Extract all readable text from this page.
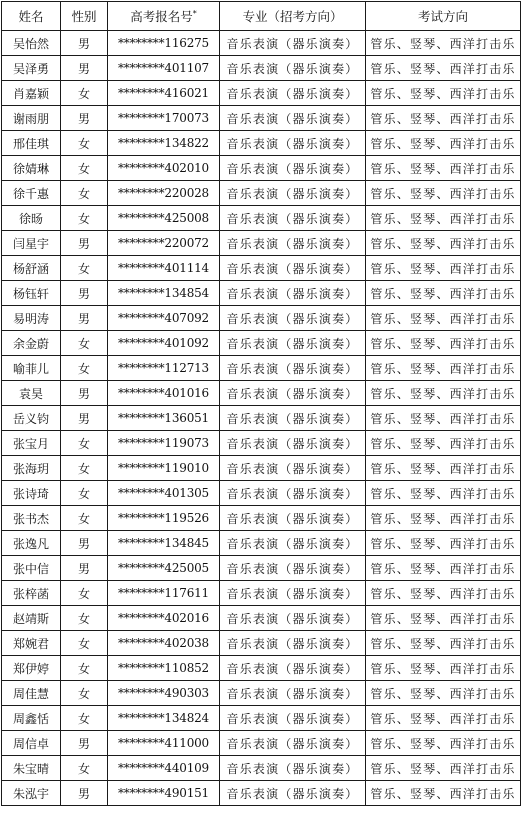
姓名	性别	高考报名号*	专业（招考方向）	考试方向
吴怡然	男	********116275	音乐表演（器乐演奏）	管乐、竖琴、西洋打击乐
吴泽勇	男	********401107	音乐表演（器乐演奏）	管乐、竖琴、西洋打击乐
肖嘉颖	女	********416021	音乐表演（器乐演奏）	管乐、竖琴、西洋打击乐
谢雨朋	男	********170073	音乐表演（器乐演奏）	管乐、竖琴、西洋打击乐
邢佳琪	女	********134822	音乐表演（器乐演奏）	管乐、竖琴、西洋打击乐
徐婧琳	女	********402010	音乐表演（器乐演奏）	管乐、竖琴、西洋打击乐
徐千惠	女	********220028	音乐表演（器乐演奏）	管乐、竖琴、西洋打击乐
徐旸	女	********425008	音乐表演（器乐演奏）	管乐、竖琴、西洋打击乐
闫星宇	男	********220072	音乐表演（器乐演奏）	管乐、竖琴、西洋打击乐
杨舒涵	女	********401114	音乐表演（器乐演奏）	管乐、竖琴、西洋打击乐
杨钰轩	男	********134854	音乐表演（器乐演奏）	管乐、竖琴、西洋打击乐
易明涛	男	********407092	音乐表演（器乐演奏）	管乐、竖琴、西洋打击乐
余金蔚	女	********401092	音乐表演（器乐演奏）	管乐、竖琴、西洋打击乐
喻菲儿	女	********112713	音乐表演（器乐演奏）	管乐、竖琴、西洋打击乐
袁昊	男	********401016	音乐表演（器乐演奏）	管乐、竖琴、西洋打击乐
岳义钧	男	********136051	音乐表演（器乐演奏）	管乐、竖琴、西洋打击乐
张宝月	女	********119073	音乐表演（器乐演奏）	管乐、竖琴、西洋打击乐
张海玥	女	********119010	音乐表演（器乐演奏）	管乐、竖琴、西洋打击乐
张诗琦	女	********401305	音乐表演（器乐演奏）	管乐、竖琴、西洋打击乐
张书杰	女	********119526	音乐表演（器乐演奏）	管乐、竖琴、西洋打击乐
张逸凡	男	********134845	音乐表演（器乐演奏）	管乐、竖琴、西洋打击乐
张中信	男	********425005	音乐表演（器乐演奏）	管乐、竖琴、西洋打击乐
张梓菡	女	********117611	音乐表演（器乐演奏）	管乐、竖琴、西洋打击乐
赵靖斯	女	********402016	音乐表演（器乐演奏）	管乐、竖琴、西洋打击乐
郑婉君	女	********402038	音乐表演（器乐演奏）	管乐、竖琴、西洋打击乐
郑伊婷	女	********110852	音乐表演（器乐演奏）	管乐、竖琴、西洋打击乐
周佳慧	女	********490303	音乐表演（器乐演奏）	管乐、竖琴、西洋打击乐
周鑫恬	女	********134824	音乐表演（器乐演奏）	管乐、竖琴、西洋打击乐
周信卓	男	********411000	音乐表演（器乐演奏）	管乐、竖琴、西洋打击乐
朱宝晴	女	********440109	音乐表演（器乐演奏）	管乐、竖琴、西洋打击乐
朱泓宇	男	********490151	音乐表演（器乐演奏）	管乐、竖琴、西洋打击乐
